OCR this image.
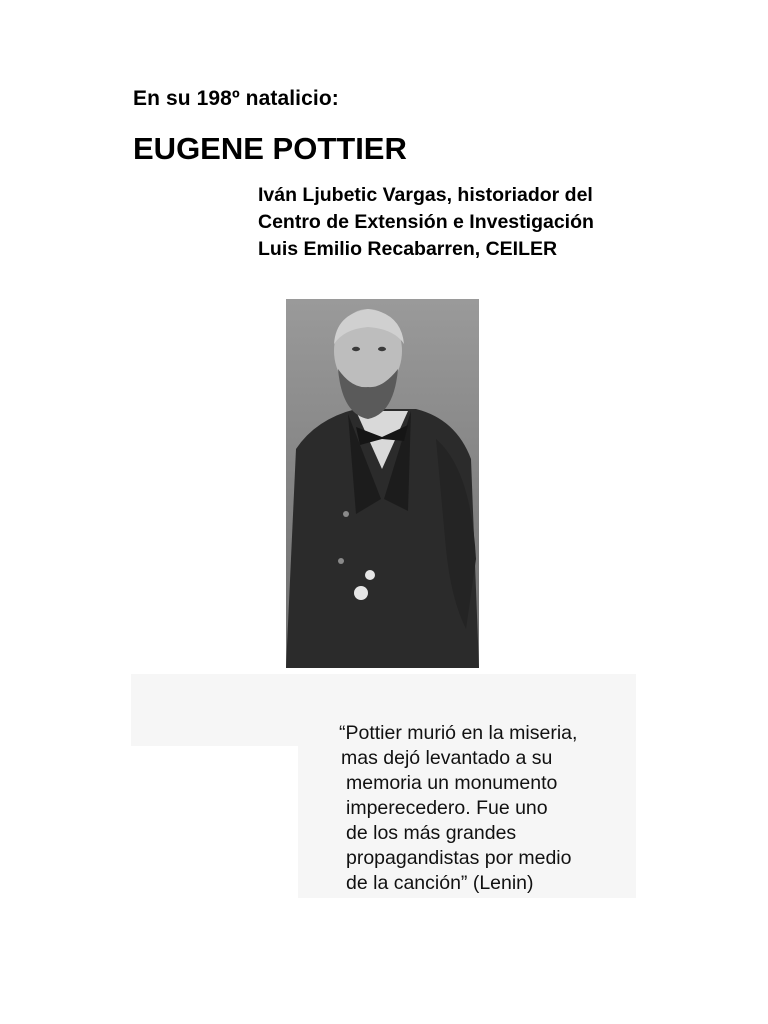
En su 198º natalicio:
EUGENE POTTIER
Iván Ljubetic Vargas, historiador del
Centro de Extensión e Investigación
Luis Emilio Recabarren, CEILER
“Pottier murió en la miseria,
mas dejó levantado a su
memoria un monumento
imperecedero. Fue uno
de los más grandes
propagandistas por medio
de la canción” (Lenin)
